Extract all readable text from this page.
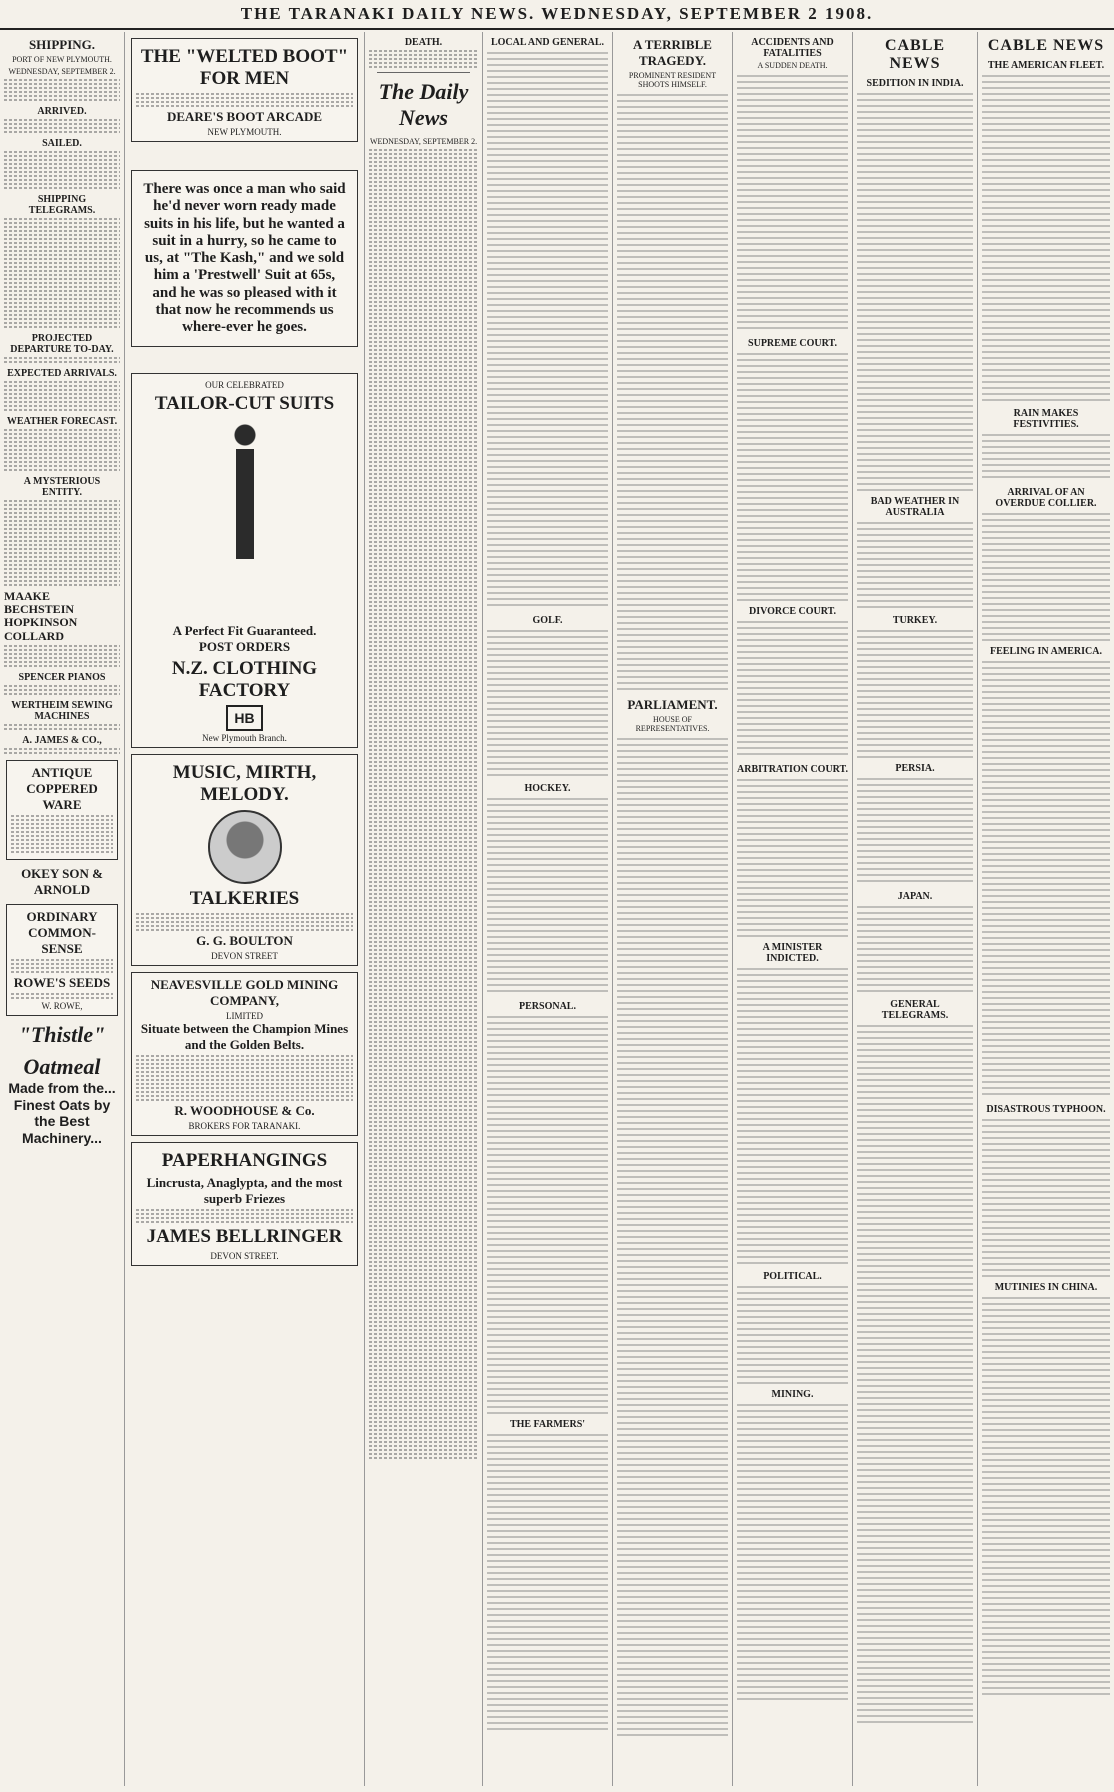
THE TARANAKI DAILY NEWS. WEDNESDAY, SEPTEMBER 2 1908.
SHIPPING.
PORT OF NEW PLYMOUTH.
WEDNESDAY, SEPTEMBER 2.
ARRIVED.
SAILED.
SHIPPING TELEGRAMS.
PROJECTED DEPARTURE TO-DAY.
EXPECTED ARRIVALS.
WEATHER FORECAST.
A MYSTERIOUS ENTITY.
MAAKE
BECHSTEIN
HOPKINSON
COLLARD
SPENCER PIANOS
WERTHEIM SEWING MACHINES
A. JAMES & CO.,
ANTIQUE COPPERED WARE
OKEY SON & ARNOLD
ORDINARY COMMON-SENSE
ROWE'S SEEDS
W. ROWE,
"Thistle"
Oatmeal
Made from the... Finest Oats by the Best Machinery...
THE "WELTED BOOT" FOR MEN
DEARE'S BOOT ARCADE
NEW PLYMOUTH.
There was once a man who said he'd never worn ready made suits in his life, but he wanted a suit in a hurry, so he came to us, at "The Kash," and we sold him a 'Prestwell' Suit at 65s, and he was so pleased with it that now he recommends us where-ever he goes.
OUR CELEBRATED
TAILOR-CUT SUITS
A Perfect Fit Guaranteed.
POST ORDERS
N.Z. CLOTHING FACTORY
HB
New Plymouth Branch.
MUSIC, MIRTH, MELODY.
TALKERIES
G. G. BOULTON
DEVON STREET
NEAVESVILLE GOLD MINING COMPANY,
LIMITED
Situate between the Champion Mines and the Golden Belts.
R. WOODHOUSE & Co.
BROKERS FOR TARANAKI.
PAPERHANGINGS
Lincrusta, Anaglypta, and the most superb Friezes
JAMES BELLRINGER
DEVON STREET.
DEATH.
The Daily News
WEDNESDAY, SEPTEMBER 2.
LOCAL AND GENERAL.
GOLF.
HOCKEY.
PERSONAL.
THE FARMERS'
A TERRIBLE TRAGEDY.
PROMINENT RESIDENT SHOOTS HIMSELF.
PARLIAMENT.
HOUSE OF REPRESENTATIVES.
ACCIDENTS AND FATALITIES
A SUDDEN DEATH.
SUPREME COURT.
DIVORCE COURT.
ARBITRATION COURT.
A MINISTER INDICTED.
POLITICAL.
MINING.
CABLE NEWS
SEDITION IN INDIA.
BAD WEATHER IN AUSTRALIA
TURKEY.
PERSIA.
JAPAN.
GENERAL TELEGRAMS.
CABLE NEWS
THE AMERICAN FLEET.
RAIN MAKES FESTIVITIES.
ARRIVAL OF AN OVERDUE COLLIER.
FEELING IN AMERICA.
DISASTROUS TYPHOON.
MUTINIES IN CHINA.
